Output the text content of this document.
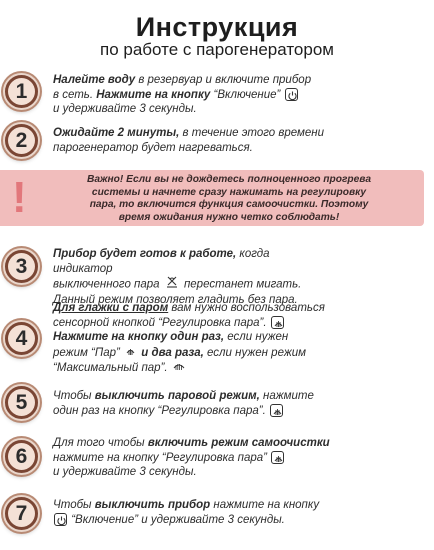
Инструкция
по работе с парогенератором
1	Налейте воду в резервуар и включите прибор
в сеть. Нажмите на кнопку “Включение”

и удерживайте 3 секунды.
2	Ожидайте 2 минуты, в течение этого времени
парогенератор будет нагреваться.
!	Важно! Если вы не дождетесь полноценного прогрева
системы и начнете сразу нажимать на регулировку
пара, то включится функция самоочистки. Поэтому
время ожидания нужно четко соблюдать!
3
Прибор будет готов к работе, когда индикатор
выключенного пара  перестанет мигать.
Данный режим позволяет гладить без пара.
4
Для глажки с паром вам нужно воспользоваться
сенсорной кнопкой “Регулировка пара”.

Нажмите на кнопку один раз, если нужен
режим “Пар”  и два раза, если нужен режим
“Максимальный пар”.
5	Чтобы выключить паровой режим, нажмите
один раз на кнопку “Регулировка пара”.
6
Для того чтобы включить режим самоочистки
нажмите на кнопку “Регулировка пара”

и удерживайте 3 секунды.
7	Чтобы выключить прибор нажмите на кнопку

“Включение” и удерживайте 3 секунды.
